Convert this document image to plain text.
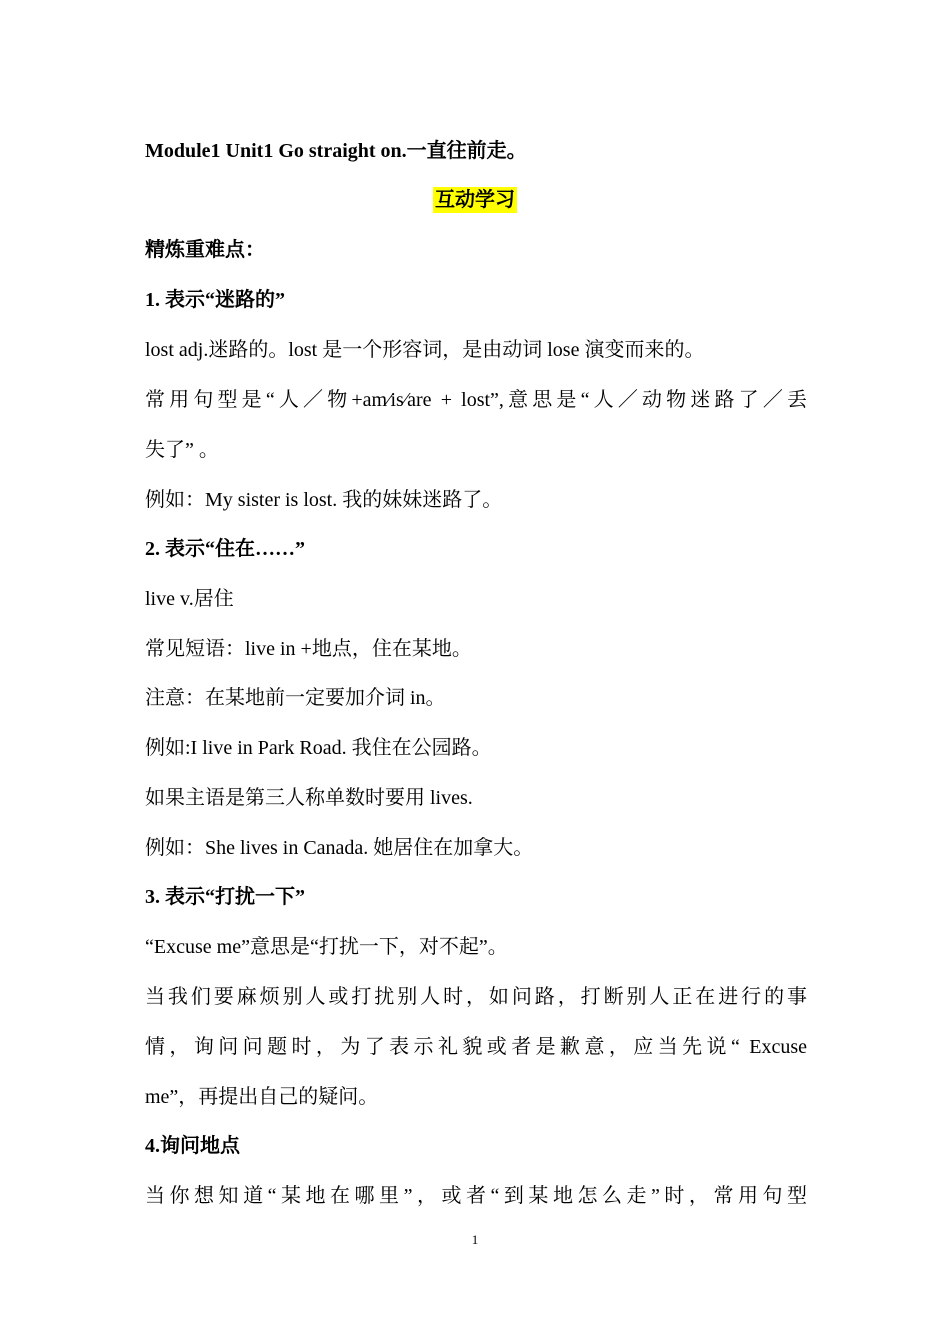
Module1 Unit1 Go straight on.一直往前走。
互动学习
精炼重难点：
1. 表示“迷路的”
lost adj.迷路的。lost 是一个形容词，是由动词 lose 演变而来的。
常用句型是“人／物+am⁄is⁄are + lost”,意思是“人／动物迷路了／丢
失了” 。
例如：My sister is lost. 我的妹妹迷路了。
2. 表示“住在……”
live v.居住
常见短语：live in +地点，住在某地。
注意：在某地前一定要加介词 in。
例如:I live in Park Road. 我住在公园路。
如果主语是第三人称单数时要用 lives.
例如：She lives in Canada. 她居住在加拿大。
3. 表示“打扰一下”
“Excuse me”意思是“打扰一下，对不起”。
当我们要麻烦别人或打扰别人时，如问路，打断别人正在进行的事
情，询问问题时，为了表示礼貌或者是歉意，应当先说“ Excuse
me”，再提出自己的疑问。
4.询问地点
当你想知道“某地在哪里”，或者“到某地怎么走”时，常用句型
1
